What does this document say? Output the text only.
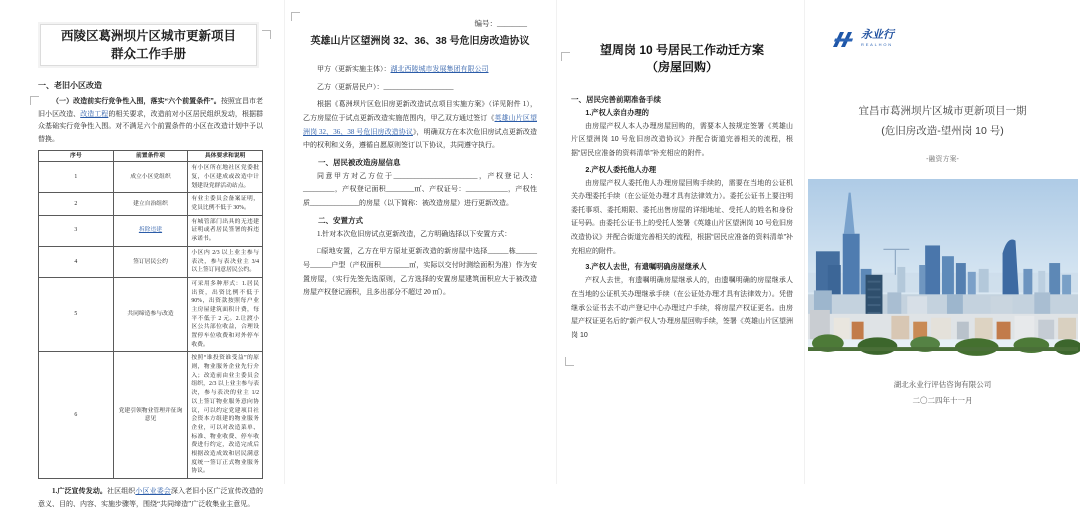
西陵区葛洲坝片区城市更新项目
群众工作手册
一、老旧小区改造

（一）改造前实行竞争性入围，落实“六个前置条件”。按照宜昌市老旧小区改造、改造工程的相关要求，改造前对小区居民组织发动，根据群众基础实行竞争性入围。对不满足六个前置条件的小区在改造计划中予以替换。

序号	前置条件项	具体要求和说明
1	成立小区党组织	有小区所在地社区党委批复，小区建成或改造中计划建设党群活动站点。
2	建立自治组织	有业主委员会备案证明，党员比例不低于 30%。
3	拆除违建	有城管部门出具的无违建证明或者居民签署的拆违承诺书。
4	签订居民公约	小区内 2/3 以上业主参与表决，参与表决业主 3/4 以上签订同意居民公约。
5	共同缔造参与改造	可采用多种形式：1.居民出资，出资比例不低于 90%，出资款按照每户业主房屋建筑面积计费，每平不低于 2 元。2.让渡小区公共部位收益，合理设置停车位收费和对外停车收费。
6	党建引领物业管理并征询意见	按照“谁投资谁受益”的原则，物业服务企业先行介入；改造前由业主委员会组织，2/3 以上业主参与表决，参与表决的业主 1/2 以上签订物业服务意向协议，可以约定党建项目社会资本方组建的物业服务企业，可以对改造菜单、标准、物业收费、停车收费进行约定，改造完成后根据改造成效和居民满意度统一签订正式物业服务协议。

1.广泛宣传发动。社区组织小区业委会深入老旧小区广泛宣传改造的意义、目的、内容、实施步骤等，围绕“共同缔造”广泛收集业主意见。

编号：________
英雄山片区望洲岗 32、36、38 号危旧房改造协议

甲方（更新实施主体）：湖北西陵城市发展集团有限公司

乙方（更新居民户）：____________________

根据《葛洲坝片区危旧房更新改造试点项目实施方案》（详见附件 1），乙方房屋位于试点更新改造实施范围内，甲乙双方通过签订《英雄山片区望洲岗 32、36、38 号危旧房改造协议》，明确双方在本次危旧房试点更新改造中的权利和义务，遵循自愿原则签订以下协议，共同遵守执行。

一、居民被改造房屋信息

同意甲方对乙方位于________________________，产权登记人：_________，产权登记面积________㎡、产权证号：____________，产权性质______________的房屋（以下简称：被改造房屋）进行更新改造。

二、安置方式

1.针对本次危旧房试点更新改造，乙方明确选择以下安置方式：

□原地安置，乙方在甲方原址更新改造的新房屋中选择______栋______号______户型（产权面积________㎡，实际以交付时测绘面积为准）作为安置房屋，（实行先签先选原则，乙方选择的安置房屋建筑面积应大于被改造房屋产权登记面积，且多出部分不超过 20 ㎡）。

望周岗 10 号居民工作动迁方案
（房屋回购）
一、居民完善前期准备手续
1.产权人亲自办理的

由房屋产权人本人办理房屋回购的，需要本人按规定签署《英雄山片区望洲岗 10 号危旧房改造协议》并配合街道完善相关的流程，根据“居民应准备的资料清单”补充相应的附件。

2.产权人委托他人办理

由房屋产权人委托他人办理房屋回购手续的，需要在当地的公证机关办理委托手续（在公证处办理才具有法律效力）。委托公证书上要注明委托事项、委托期限、委托出售房屋的详细地址、受托人的姓名和身份证号码。由委托公证书上的受托人签署《英雄山片区望洲岗 10 号危旧房改造协议》并配合街道完善相关的流程，根据“居民应准备的资料清单”补充相应的附件。

3.产权人去世，有遗嘱明确房屋继承人

产权人去世，有遗嘱明确房屋继承人的，由遗嘱明确的房屋继承人在当地的公证机关办理继承手续（在公证处办理才具有法律效力）。凭借继承公证书去不动产登记中心办理过户手续，将房屋产权证更名。由房屋产权证更名后的“新产权人”办理房屋回购手续，签署《英雄山片区望洲岗 10

永业行
REALHON
宜昌市葛洲坝片区城市更新项目一期
(危旧房改造-望州岗 10 号)
-融资方案-
湖北永业行评估咨询有限公司
二〇二四年十一月
